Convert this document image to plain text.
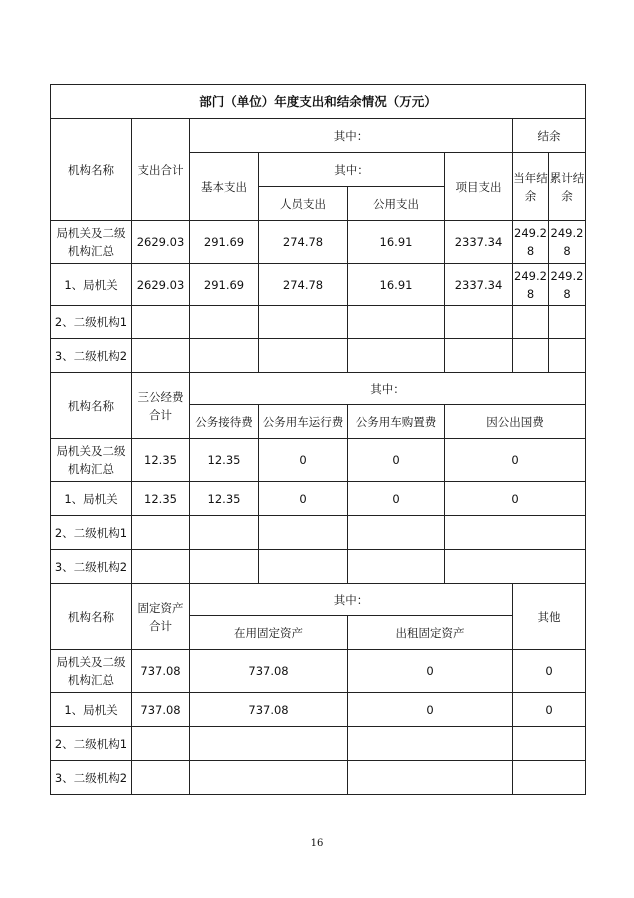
部门（单位）年度支出和结余情况（万元）							
机构名称	支出合计	其中：				结余	
		基本支出	其中：		项目支出	当年结余	累计结余
			人员支出	公用支出			
局机关及二级机构汇总	2629.03	291.69	274.78	16.91	2337.34	249.28	249.28
1、局机关	2629.03	291.69	274.78	16.91	2337.34	249.28	249.28
2、二级机构1							
3、二级机构2							
机构名称	三公经费合计	其中：					
		公务接待费	公务用车运行费	公务用车购置费	因公出国费		
局机关及二级机构汇总	12.35	12.35	0	0	0		
1、局机关	12.35	12.35	0	0	0		
2、二级机构1							
3、二级机构2							
机构名称	固定资产合计	其中：				其他	
		在用固定资产		出租固定资产			
局机关及二级机构汇总	737.08	737.08		0		0	
1、局机关	737.08	737.08		0		0	
2、二级机构1							
3、二级机构2							
16
